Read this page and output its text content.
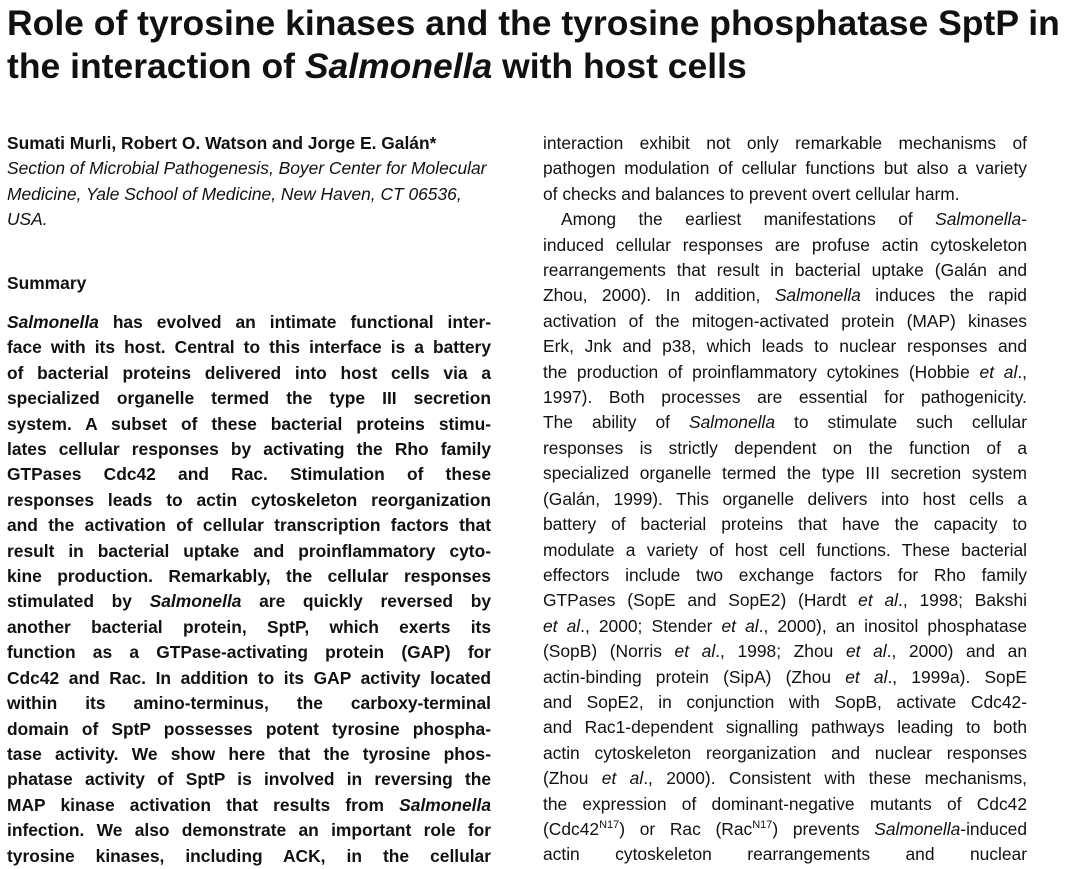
Role of tyrosine kinases and the tyrosine phosphatase SptP in the interaction of Salmonella with host cells
Sumati Murli, Robert O. Watson and Jorge E. Galán*
Section of Microbial Pathogenesis, Boyer Center for Molecular Medicine, Yale School of Medicine, New Haven, CT 06536, USA.
Summary
Salmonella has evolved an intimate functional inter-
face with its host. Central to this interface is a battery
of bacterial proteins delivered into host cells via a
specialized organelle termed the type III secretion
system. A subset of these bacterial proteins stimu-
lates cellular responses by activating the Rho family
GTPases Cdc42 and Rac. Stimulation of these
responses leads to actin cytoskeleton reorganization
and the activation of cellular transcription factors that
result in bacterial uptake and proinflammatory cyto-
kine production. Remarkably, the cellular responses
stimulated by Salmonella are quickly reversed by
another bacterial protein, SptP, which exerts its
function as a GTPase-activating protein (GAP) for
Cdc42 and Rac. In addition to its GAP activity located
within its amino-terminus, the carboxy-terminal
domain of SptP possesses potent tyrosine phospha-
tase activity. We show here that the tyrosine phos-
phatase activity of SptP is involved in reversing the
MAP kinase activation that results from Salmonella
infection. We also demonstrate an important role for
tyrosine kinases, including ACK, in the cellular
interaction exhibit not only remarkable mechanisms of
pathogen modulation of cellular functions but also a variety
of checks and balances to prevent overt cellular harm.
Among the earliest manifestations of Salmonella-
induced cellular responses are profuse actin cytoskeleton
rearrangements that result in bacterial uptake (Galán and
Zhou, 2000). In addition, Salmonella induces the rapid
activation of the mitogen-activated protein (MAP) kinases
Erk, Jnk and p38, which leads to nuclear responses and
the production of proinflammatory cytokines (Hobbie et al.,
1997). Both processes are essential for pathogenicity.
The ability of Salmonella to stimulate such cellular
responses is strictly dependent on the function of a
specialized organelle termed the type III secretion system
(Galán, 1999). This organelle delivers into host cells a
battery of bacterial proteins that have the capacity to
modulate a variety of host cell functions. These bacterial
effectors include two exchange factors for Rho family
GTPases (SopE and SopE2) (Hardt et al., 1998; Bakshi
et al., 2000; Stender et al., 2000), an inositol phosphatase
(SopB) (Norris et al., 1998; Zhou et al., 2000) and an
actin-binding protein (SipA) (Zhou et al., 1999a). SopE
and SopE2, in conjunction with SopB, activate Cdc42-
and Rac1-dependent signalling pathways leading to both
actin cytoskeleton reorganization and nuclear responses
(Zhou et al., 2000). Consistent with these mechanisms,
the expression of dominant-negative mutants of Cdc42
$(Cdc42^{N17})$ or Rac (Rac$^{N17}$) prevents Salmonella-induced
actin cytoskeleton rearrangements and nuclear
